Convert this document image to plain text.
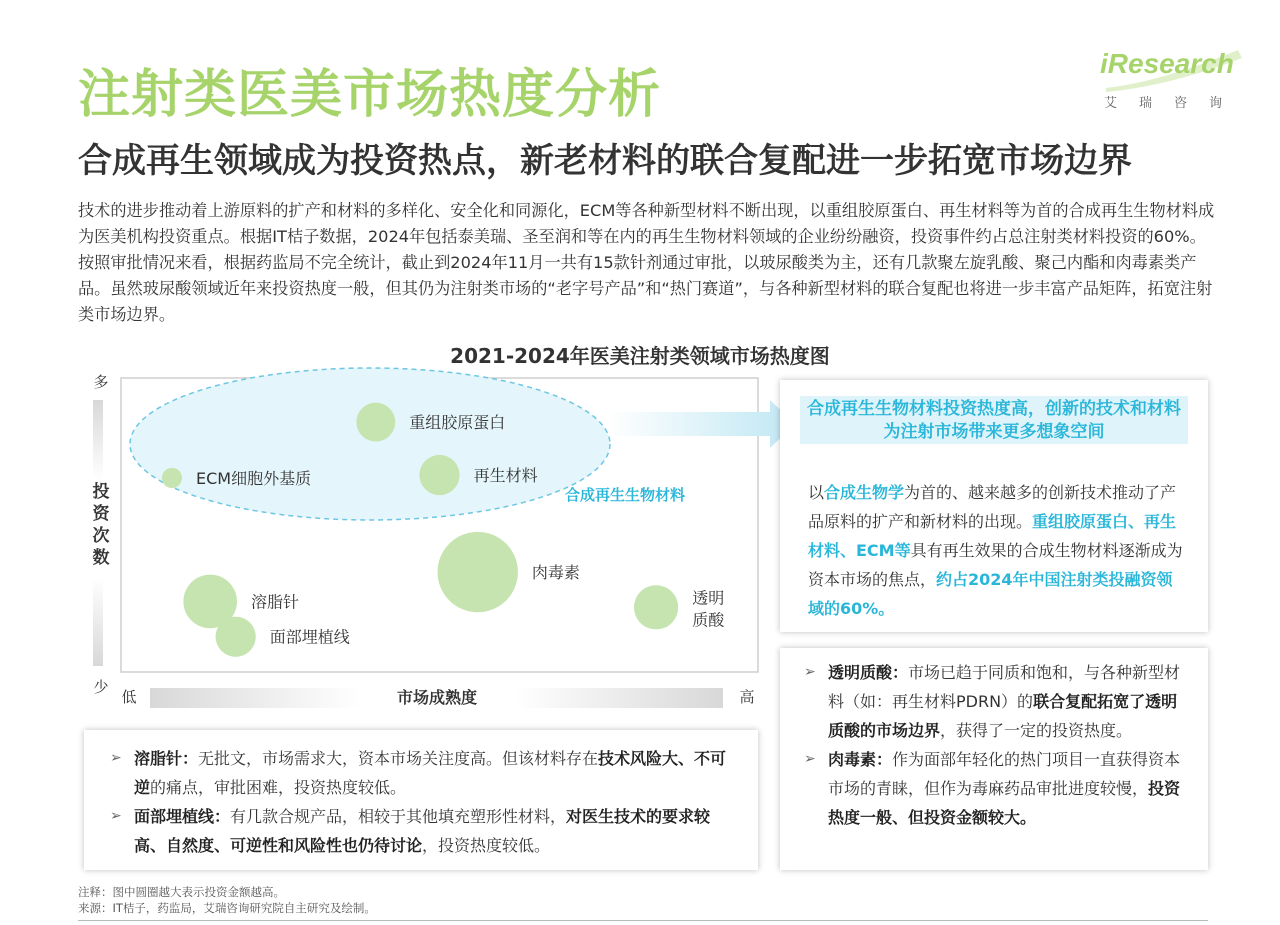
注射类医美市场热度分析
合成再生领域成为投资热点，新老材料的联合复配进一步拓宽市场边界
iResearch
艾瑞咨询
技术的进步推动着上游原料的扩产和材料的多样化、安全化和同源化，ECM等各种新型材料不断出现，以重组胶原蛋白、再生材料等为首的合成再生生物材料成为医美机构投资重点。根据IT桔子数据，2024年包括泰美瑞、圣至润和等在内的再生生物材料领域的企业纷纷融资，投资事件约占总注射类材料投资的60%。按照审批情况来看，根据药监局不完全统计，截止到2024年11月一共有15款针剂通过审批，以玻尿酸类为主，还有几款聚左旋乳酸、聚己内酯和肉毒素类产品。虽然玻尿酸领域近年来投资热度一般，但其仍为注射类市场的“老字号产品”和“热门赛道”，与各种新型材料的联合复配也将进一步丰富产品矩阵，拓宽注射类市场边界。
2021-2024年医美注射类领域市场热度图
多
少
低	高
市场成熟度
投资次数
合成再生生物材料
ECM细胞外基质
重组胶原蛋白
再生材料
肉毒素
溶脂针
面部埋植线
透明
质酸
合成再生生物材料投资热度高，创新的技术和材料为注射市场带来更多想象空间
以合成生物学为首的、越来越多的创新技术推动了产品原料的扩产和新材料的出现。重组胶原蛋白、再生材料、ECM等具有再生效果的合成生物材料逐渐成为资本市场的焦点，约占2024年中国注射类投融资领域的60%。
➢ 透明质酸：市场已趋于同质和饱和，与各种新型材料（如：再生材料PDRN）的联合复配拓宽了透明质酸的市场边界，获得了一定的投资热度。
➢ 肉毒素：作为面部年轻化的热门项目一直获得资本市场的青睐，但作为毒麻药品审批进度较慢，投资热度一般、但投资金额较大。
➢ 溶脂针：无批文，市场需求大，资本市场关注度高。但该材料存在技术风险大、不可逆的痛点，审批困难，投资热度较低。
➢ 面部埋植线：有几款合规产品，相较于其他填充塑形性材料，对医生技术的要求较高、自然度、可逆性和风险性也仍待讨论，投资热度较低。
注释：图中圆圈越大表示投资金额越高。
来源：IT桔子，药监局，艾瑞咨询研究院自主研究及绘制。
